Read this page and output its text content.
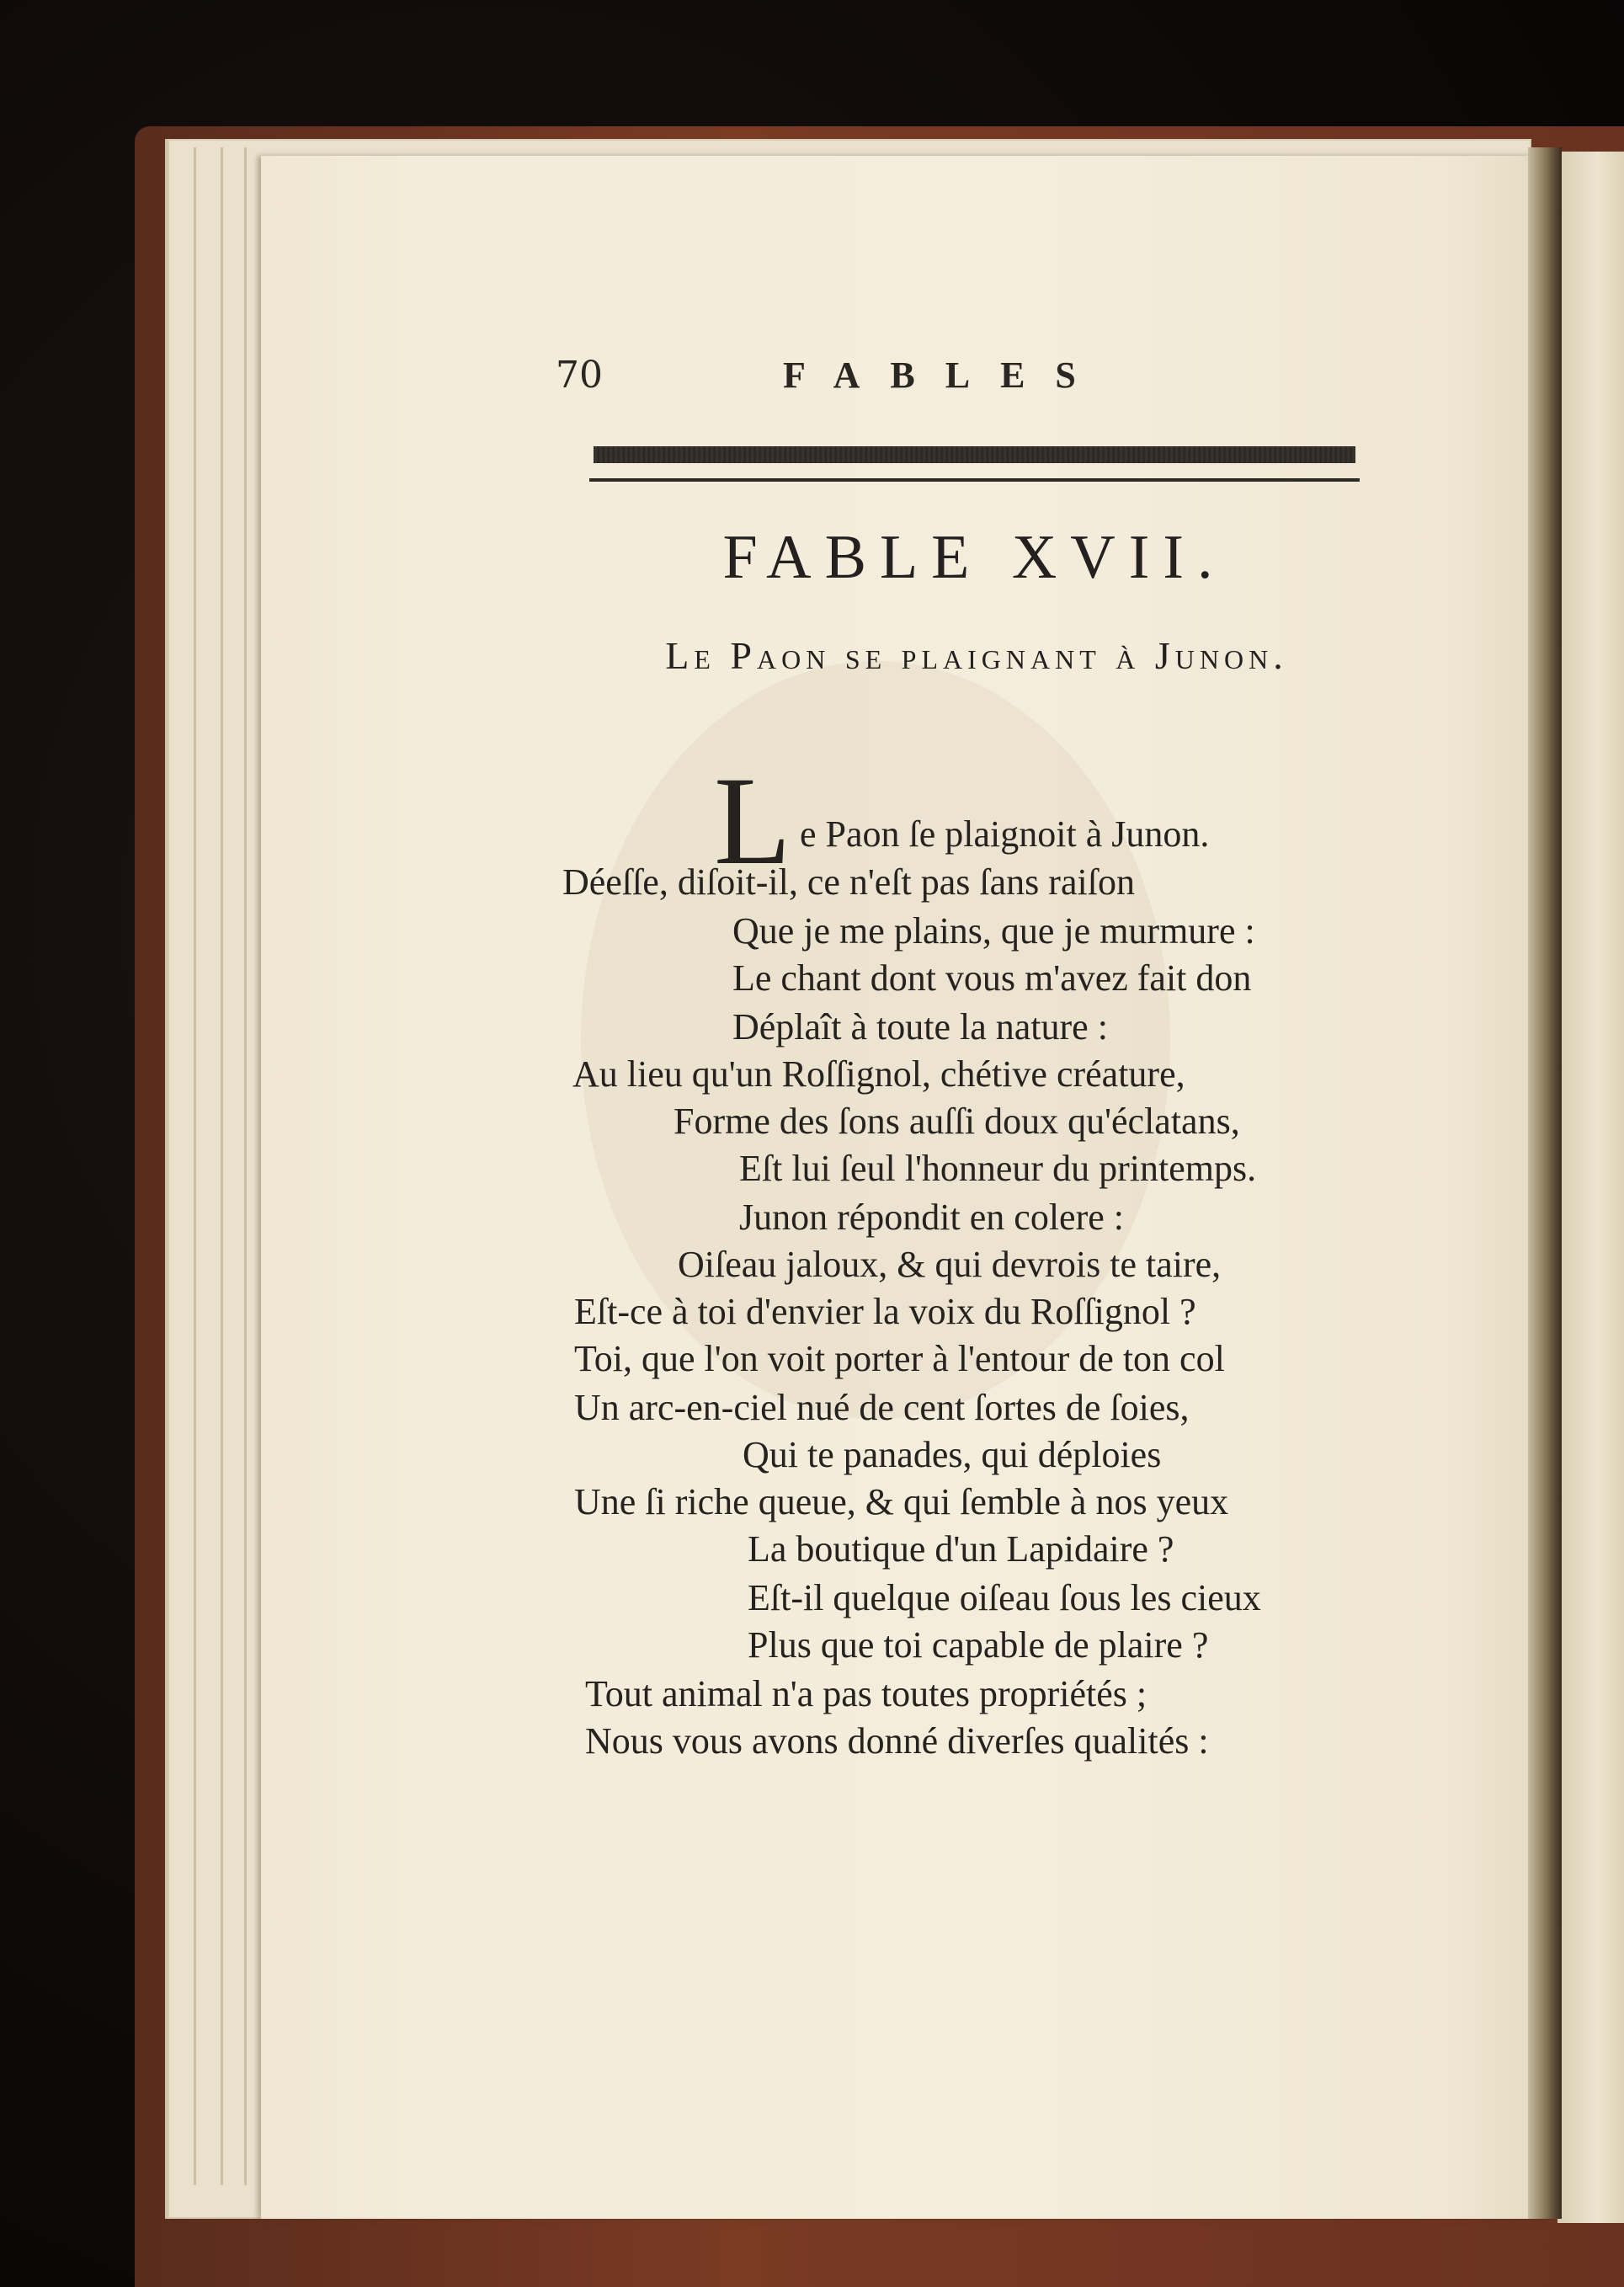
70	FABLES
FABLE XVII.
Le Paon se plaignant à Junon.
L e Paon ſe plaignoit à Junon.
Déeſſe, diſoit-il, ce n'eſt pas ſans raiſon
Que je me plains, que je murmure :
Le chant dont vous m'avez fait don
Déplaît à toute la nature :
Au lieu qu'un Roſſignol, chétive créature,
Forme des ſons auſſi doux qu'éclatans,
Eſt lui ſeul l'honneur du printemps.
Junon répondit en colere :
Oiſeau jaloux, & qui devrois te taire,
Eſt-ce à toi d'envier la voix du Roſſignol ?
Toi, que l'on voit porter à l'entour de ton col
Un arc-en-ciel nué de cent ſortes de ſoies,
Qui te panades, qui déploies
Une ſi riche queue, & qui ſemble à nos yeux
La boutique d'un Lapidaire ?
Eſt-il quelque oiſeau ſous les cieux
Plus que toi capable de plaire ?
Tout animal n'a pas toutes propriétés ;
Nous vous avons donné diverſes qualités :
